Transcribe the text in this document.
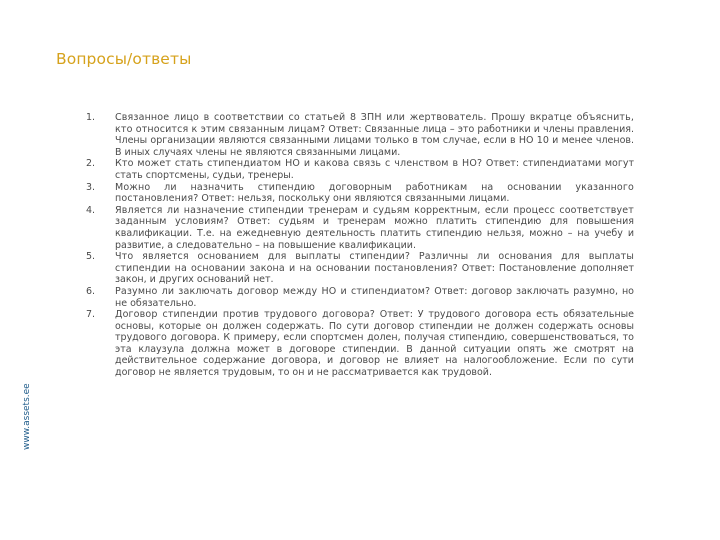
Вопросы/ответы
www.assets.ee
1.	Связанное лицо в соответствии со статьей 8 ЗПН или жертвователь. Прошу вкратце объяснить, кто относится к этим связанным лицам? Ответ: Связанные лица – это работники и члены правления. Члены организации являются связанными лицами только в том случае, если в НО 10 и менее членов. В иных случаях члены не являются связанными лицами.
2.	Кто может стать стипендиатом НО и какова связь с членством в НО? Ответ: стипендиатами могут стать спортсмены, судьи, тренеры.
3.	Можно ли назначить стипендию договорным работникам на основании указанного постановления? Ответ: нельзя, поскольку они являются связанными лицами.
4.	Является ли назначение стипендии тренерам и судьям корректным, если процесс соответствует заданным условиям? Ответ: судьям и тренерам можно платить стипендию для повышения квалификации. Т.е. на ежедневную деятельность платить стипендию нельзя, можно – на учебу и развитие, а следовательно – на повышение квалификации.
5.	Что является основанием для выплаты стипендии? Различны ли основания для выплаты стипендии на основании закона и на основании постановления? Ответ: Постановление дополняет закон, и других оснований нет.
6.	Разумно ли заключать договор между НО и стипендиатом? Ответ: договор заключать разумно, но не обязательно.
7.	Договор стипендии против трудового договора? Ответ: У трудового договора есть обязательные основы, которые он должен содержать. По сути договор стипендии не должен содержать основы трудового договора. К примеру, если спортсмен долен, получая стипендию, совершенствоваться, то эта клаузула должна может в договоре стипендии. В данной ситуации опять же смотрят на действительное содержание договора, и договор не влияет на налогообложение. Если по сути договор не является трудовым, то он и не рассматривается как трудовой.
